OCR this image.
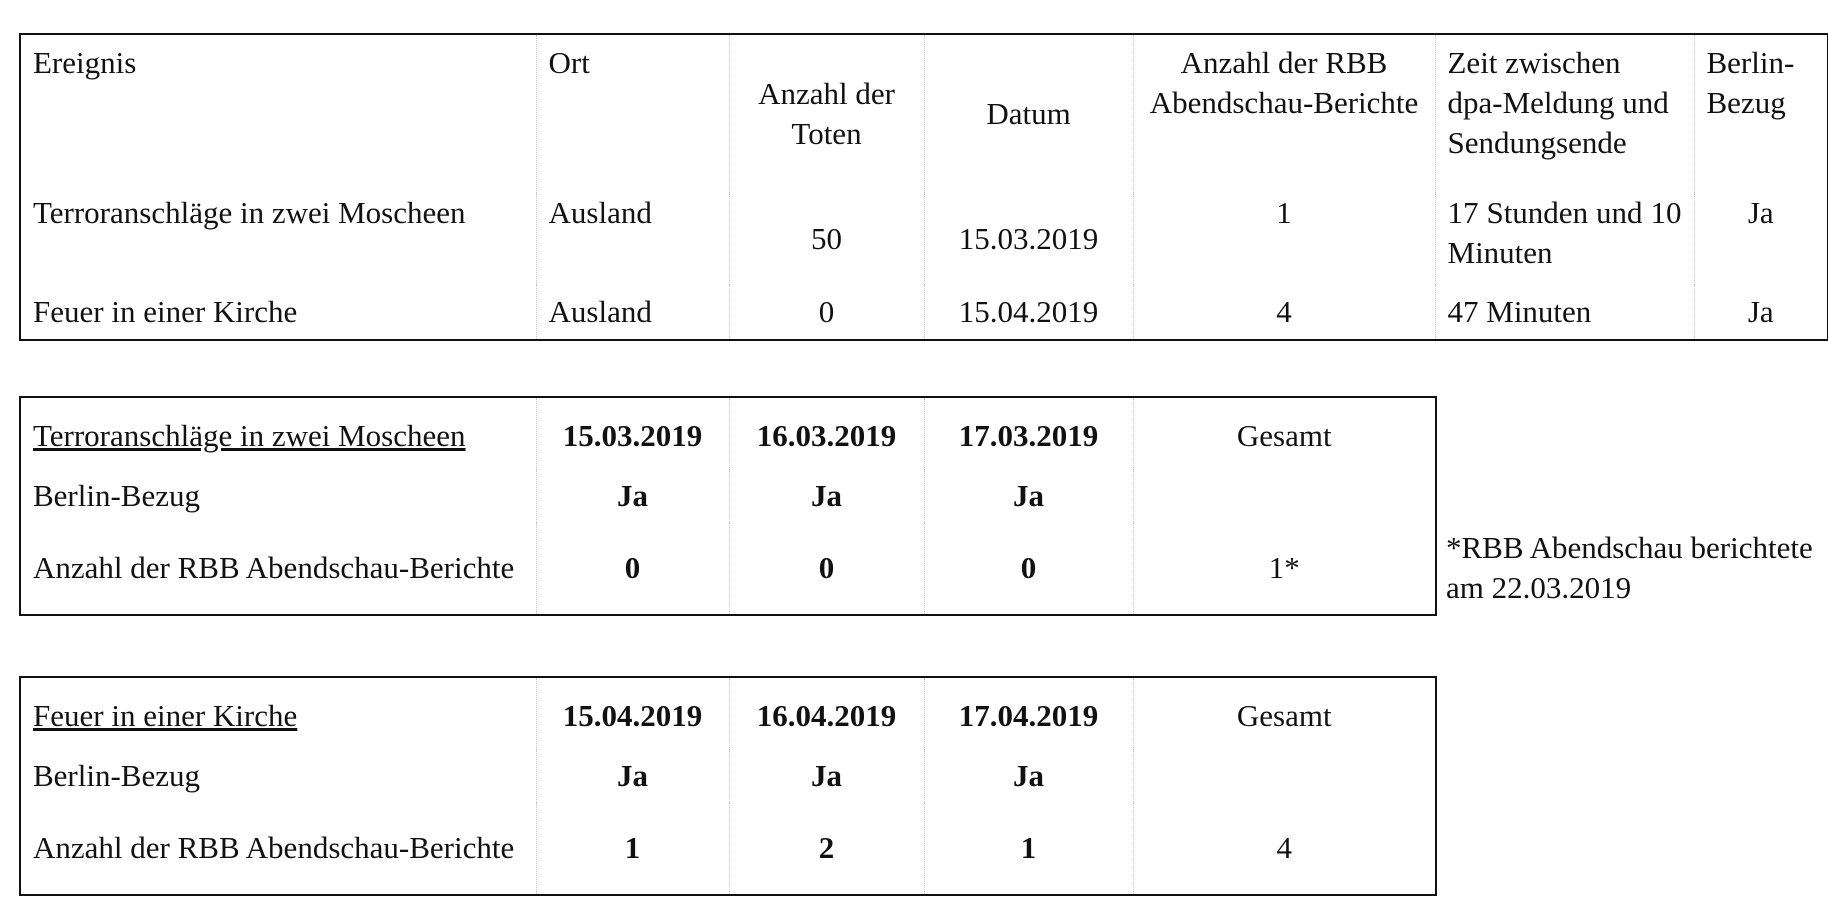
Ereignis	Ort	Anzahl der Toten	Datum	Anzahl der RBB Abendschau-Berichte	Zeit zwischen dpa-Meldung und Sendungsende	Berlin-Bezug
Terroranschläge in zwei Moscheen	Ausland	50	15.03.2019	1	17 Stunden und 10 Minuten	Ja
Feuer in einer Kirche	Ausland	0	15.04.2019	4	47 Minuten	Ja
Terroranschläge in zwei Moscheen	15.03.2019	16.03.2019	17.03.2019	Gesamt
Berlin-Bezug	Ja	Ja	Ja	
Anzahl der RBB Abendschau-Berichte	0	0	0	1*
*RBB Abendschau berichtete am 22.03.2019
Feuer in einer Kirche	15.04.2019	16.04.2019	17.04.2019	Gesamt
Berlin-Bezug	Ja	Ja	Ja	
Anzahl der RBB Abendschau-Berichte	1	2	1	4
